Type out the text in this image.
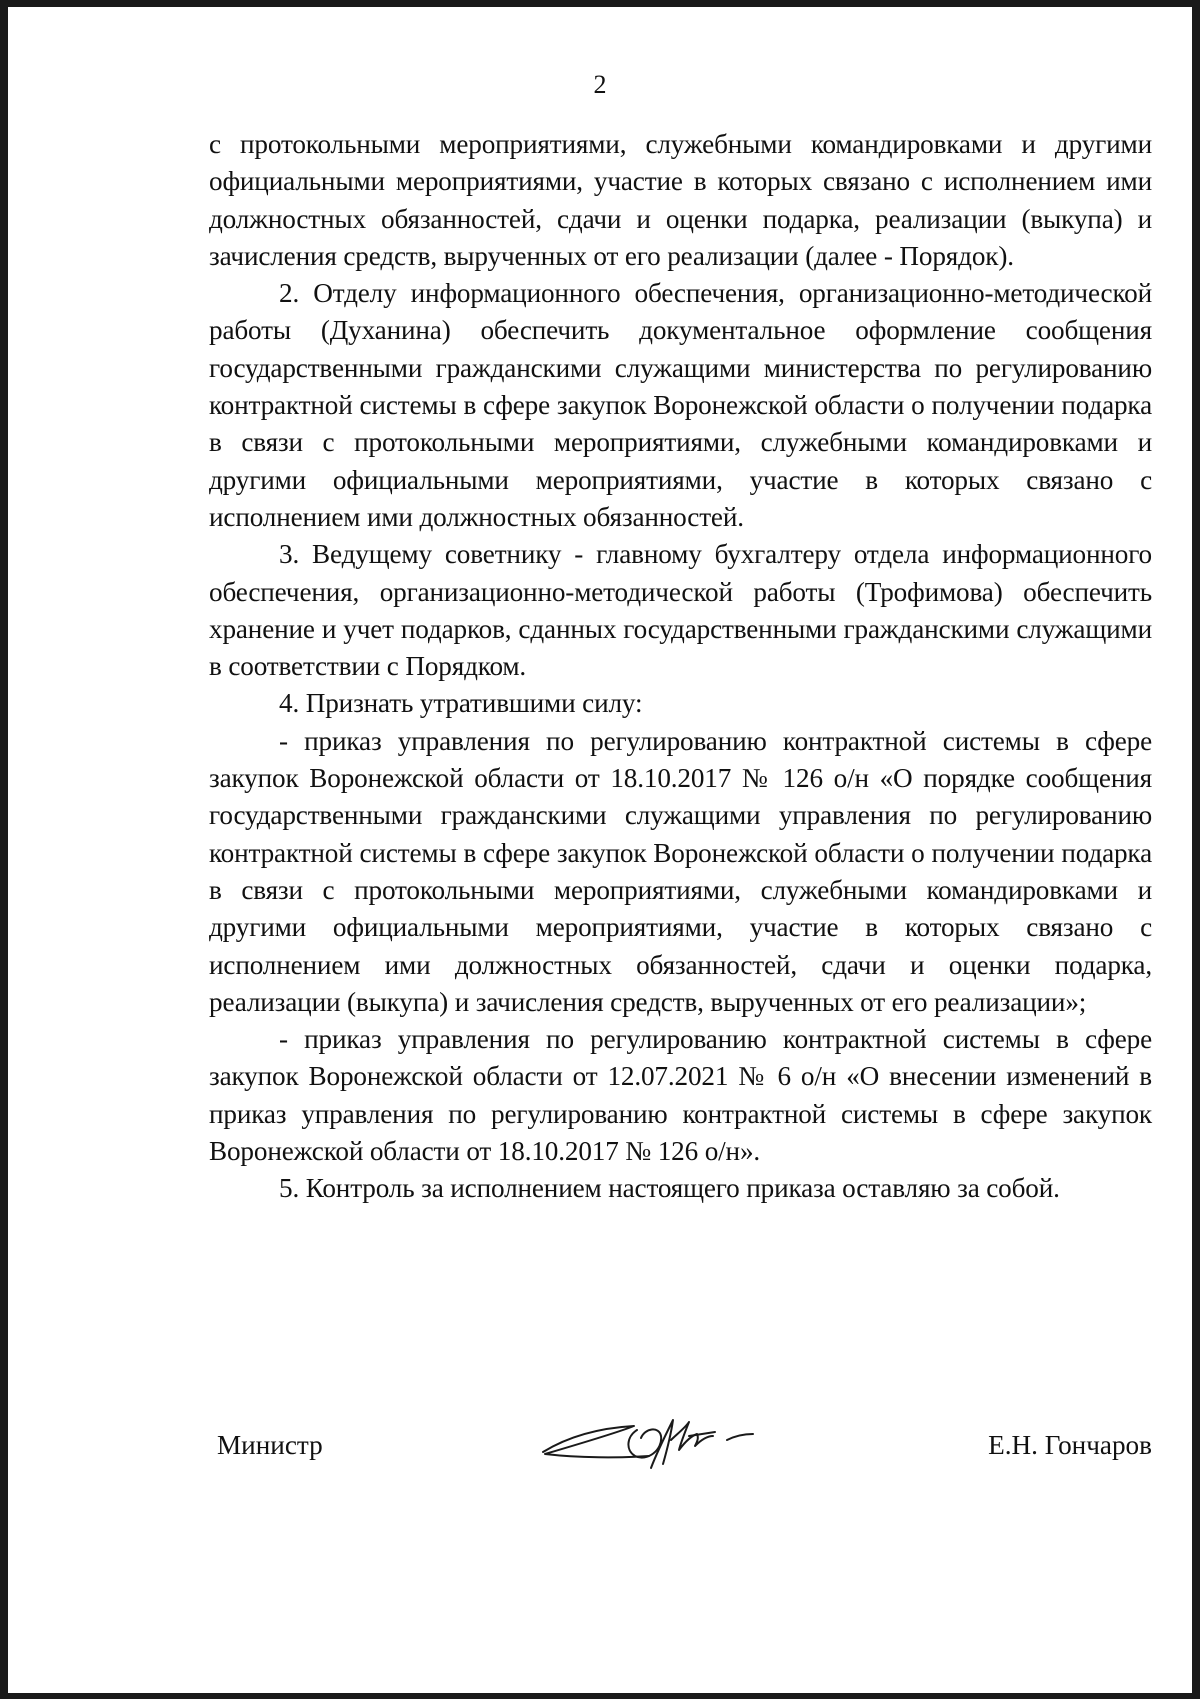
2

с протокольными мероприятиями, служебными командировками и другими официальными мероприятиями, участие в которых связано с исполнением ими должностных обязанностей, сдачи и оценки подарка, реализации (выкупа) и зачисления средств, вырученных от его реализации (далее - Порядок).

2. Отделу информационного обеспечения, организационно-методической работы (Духанина) обеспечить документальное оформление сообщения государственными гражданскими служащими министерства по регулированию контрактной системы в сфере закупок Воронежской области о получении подарка в связи с протокольными мероприятиями, служебными командировками и другими официальными мероприятиями, участие в которых связано с исполнением ими должностных обязанностей.

3. Ведущему советнику - главному бухгалтеру отдела информационного обеспечения, организационно-методической работы (Трофимова) обеспечить хранение и учет подарков, сданных государственными гражданскими служащими в соответствии с Порядком.

4. Признать утратившими силу:

- приказ управления по регулированию контрактной системы в сфере закупок Воронежской области от 18.10.2017 № 126 о/н «О порядке сообщения государственными гражданскими служащими управления по регулированию контрактной системы в сфере закупок Воронежской области о получении подарка в связи с протокольными мероприятиями, служебными командировками и другими официальными мероприятиями, участие в которых связано с исполнением ими должностных обязанностей, сдачи и оценки подарка, реализации (выкупа) и зачисления средств, вырученных от его реализации»;

- приказ управления по регулированию контрактной системы в сфере закупок Воронежской области от 12.07.2021 № 6 о/н «О внесении изменений в приказ управления по регулированию контрактной системы в сфере закупок Воронежской области от 18.10.2017 № 126 о/н».

5. Контроль за исполнением настоящего приказа оставляю за собой.

Министр	Е.Н. Гончаров
